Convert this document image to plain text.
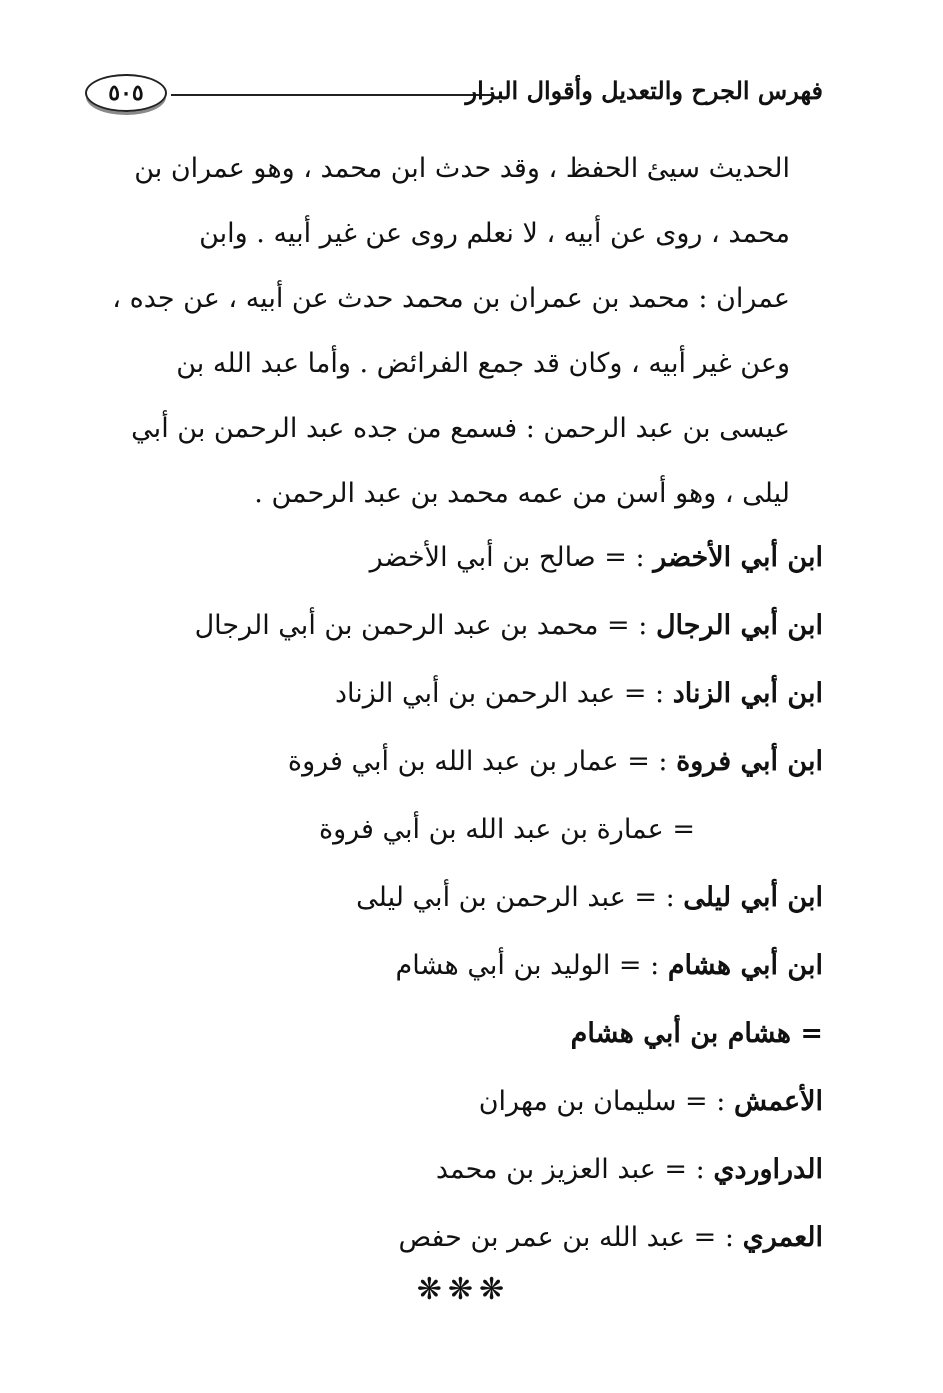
٥٠٥	فهرس الجرح والتعديل وأقوال البزار
الحديث سيئ الحفظ ، وقد حدث ابن محمد ، وهو عمران بن
محمد ، روى عن أبيه ، لا نعلم روى عن غير أبيه . وابن
عمران : محمد بن عمران بن محمد حدث عن أبيه ، عن جده ،
وعن غير أبيه ، وكان قد جمع الفرائض . وأما عبد الله بن
عيسى بن عبد الرحمن : فسمع من جده عبد الرحمن بن أبي
ليلى ، وهو أسن من عمه محمد بن عبد الرحمن .
ابن أبي الأخضر : = صالح بن أبي الأخضر
ابن أبي الرجال : = محمد بن عبد الرحمن بن أبي الرجال
ابن أبي الزناد : = عبد الرحمن بن أبي الزناد
ابن أبي فروة : = عمار بن عبد الله بن أبي فروة
= عمارة بن عبد الله بن أبي فروة
ابن أبي ليلى : = عبد الرحمن بن أبي ليلى
ابن أبي هشام : = الوليد بن أبي هشام
= هشام بن أبي هشام
الأعمش : = سليمان بن مهران
الدراوردي : = عبد العزيز بن محمد
العمري : = عبد الله بن عمر بن حفص
❋❋❋
